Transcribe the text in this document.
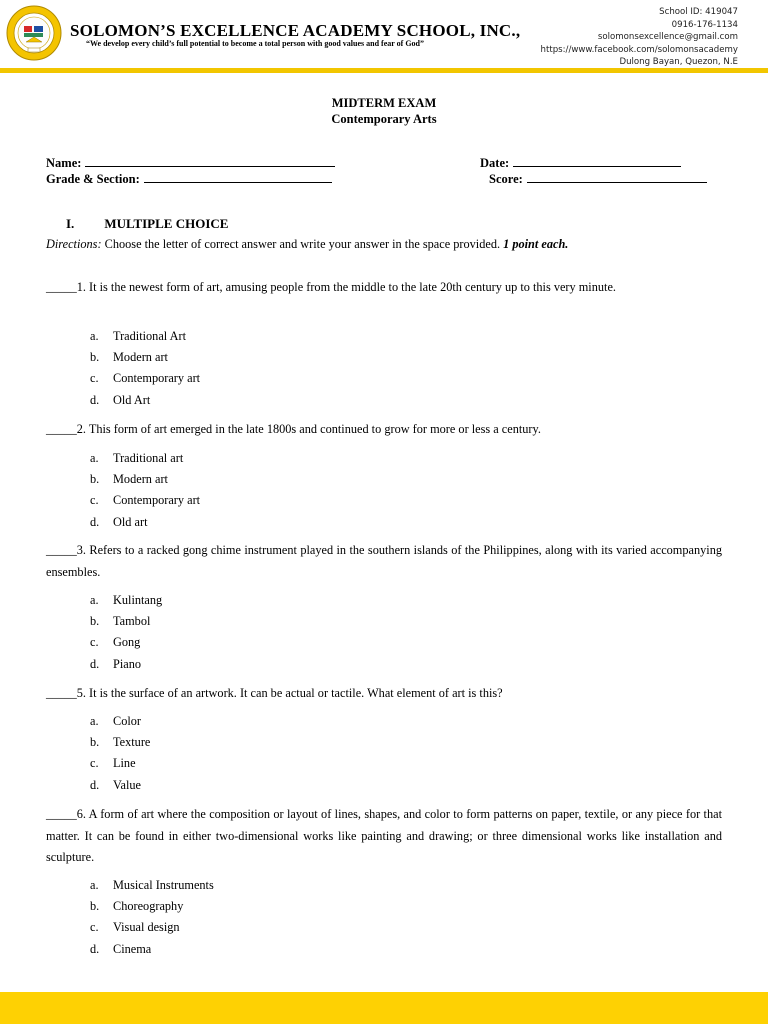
SOLOMON’S EXCELLENCE ACADEMY SCHOOL, INC.,
“We develop every child’s full potential to become a total person with good values and fear of God”
School ID: 419047
0916-176-1134
solomonsexcellence@gmail.com
https://www.facebook.com/solomonsacademy
Dulong Bayan, Quezon, N.E
MIDTERM EXAM
Contemporary Arts
Name:
Grade & Section:
Date:
Score:
I. MULTIPLE CHOICE
Directions: Choose the letter of correct answer and write your answer in the space provided. 1 point each.
_____1. It is the newest form of art, amusing people from the middle to the late 20th century up to this very minute.
a. Traditional Art
b. Modern art
c. Contemporary art
d. Old Art
_____2. This form of art emerged in the late 1800s and continued to grow for more or less a century.
a. Traditional art
b. Modern art
c. Contemporary art
d. Old art
_____3. Refers to a racked gong chime instrument played in the southern islands of the Philippines, along with its varied accompanying ensembles.
a. Kulintang
b. Tambol
c. Gong
d. Piano
_____5. It is the surface of an artwork. It can be actual or tactile. What element of art is this?
a. Color
b. Texture
c. Line
d. Value
_____6. A form of art where the composition or layout of lines, shapes, and color to form patterns on paper, textile, or any piece for that matter. It can be found in either two-dimensional works like painting and drawing; or three dimensional works like installation and sculpture.
a. Musical Instruments
b. Choreography
c. Visual design
d. Cinema
